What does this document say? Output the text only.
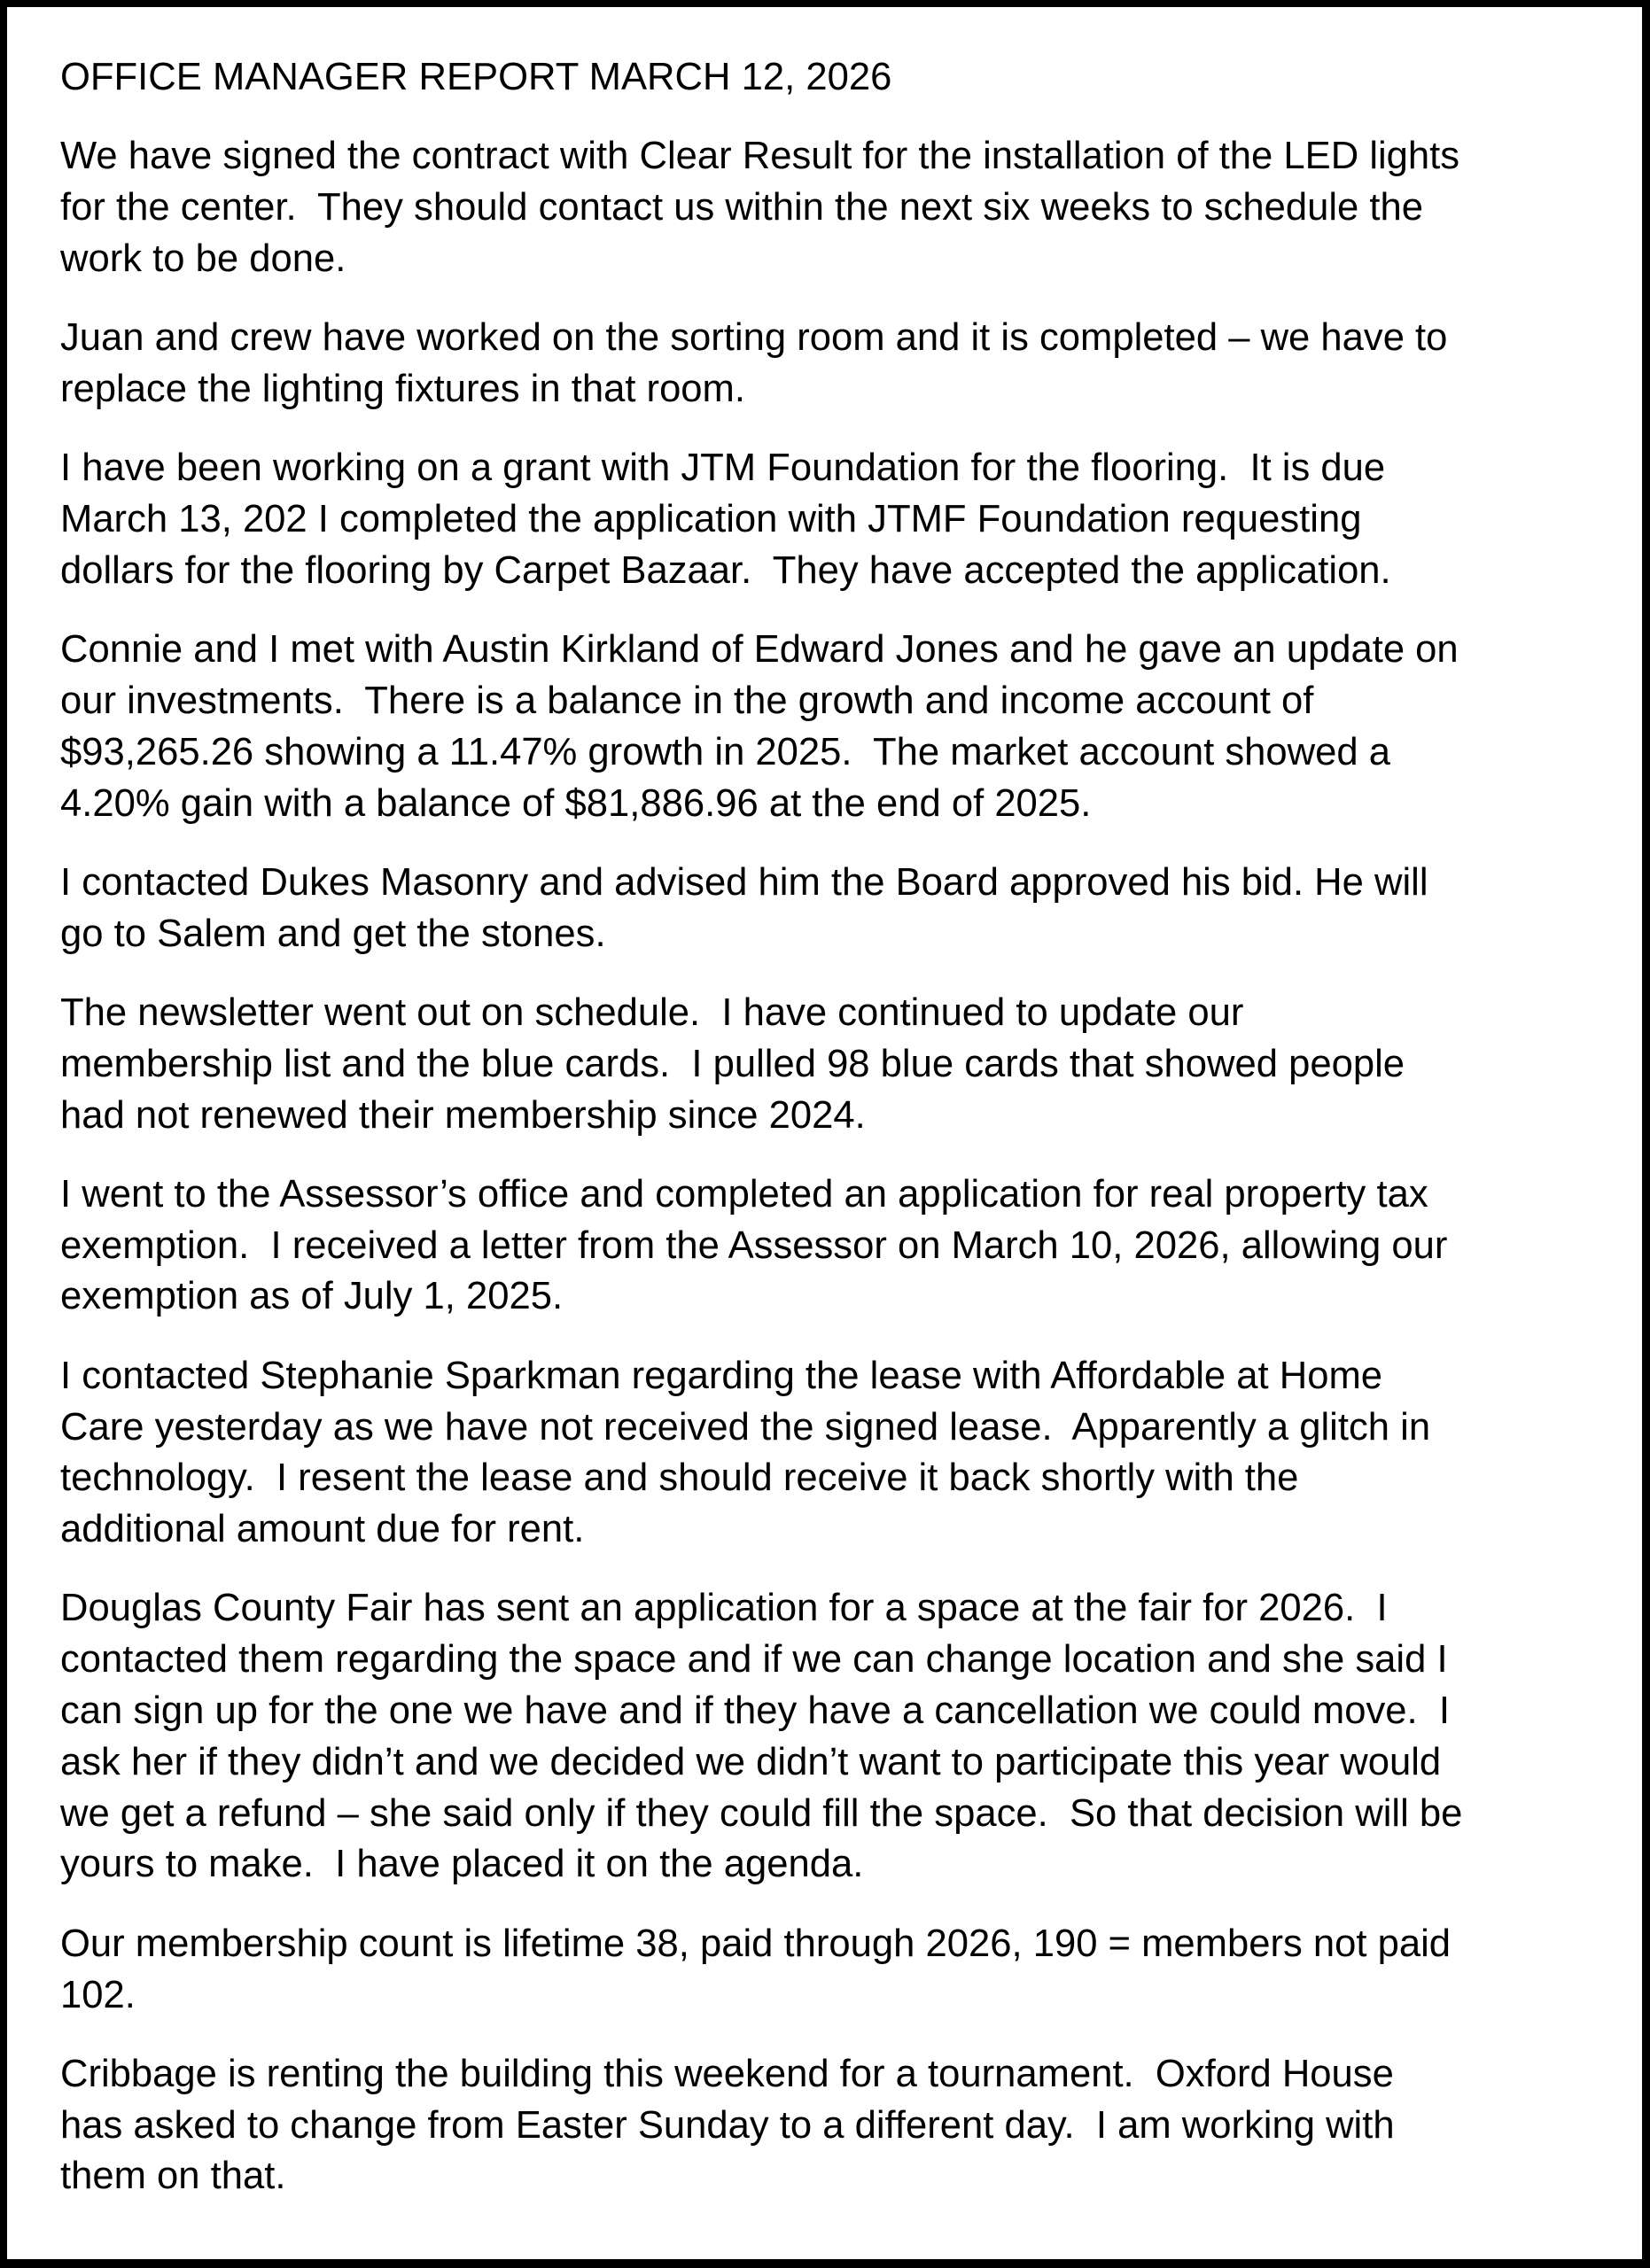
OFFICE MANAGER REPORT MARCH 12, 2026
We have signed the contract with Clear Result for the installation of the LED lights
for the center.  They should contact us within the next six weeks to schedule the
work to be done.
Juan and crew have worked on the sorting room and it is completed – we have to
replace the lighting fixtures in that room.
I have been working on a grant with JTM Foundation for the flooring.  It is due
March 13, 202 I completed the application with JTMF Foundation requesting
dollars for the flooring by Carpet Bazaar.  They have accepted the application.
Connie and I met with Austin Kirkland of Edward Jones and he gave an update on
our investments.  There is a balance in the growth and income account of
$93,265.26 showing a 11.47% growth in 2025.  The market account showed a
4.20% gain with a balance of $81,886.96 at the end of 2025.
I contacted Dukes Masonry and advised him the Board approved his bid. He will
go to Salem and get the stones.
The newsletter went out on schedule.  I have continued to update our
membership list and the blue cards.  I pulled 98 blue cards that showed people
had not renewed their membership since 2024.
I went to the Assessor’s office and completed an application for real property tax
exemption.  I received a letter from the Assessor on March 10, 2026, allowing our
exemption as of July 1, 2025.
I contacted Stephanie Sparkman regarding the lease with Affordable at Home
Care yesterday as we have not received the signed lease.  Apparently a glitch in
technology.  I resent the lease and should receive it back shortly with the
additional amount due for rent.
Douglas County Fair has sent an application for a space at the fair for 2026.  I
contacted them regarding the space and if we can change location and she said I
can sign up for the one we have and if they have a cancellation we could move.  I
ask her if they didn’t and we decided we didn’t want to participate this year would
we get a refund – she said only if they could fill the space.  So that decision will be
yours to make.  I have placed it on the agenda.
Our membership count is lifetime 38, paid through 2026, 190 = members not paid
102.
Cribbage is renting the building this weekend for a tournament.  Oxford House
has asked to change from Easter Sunday to a different day.  I am working with
them on that.
